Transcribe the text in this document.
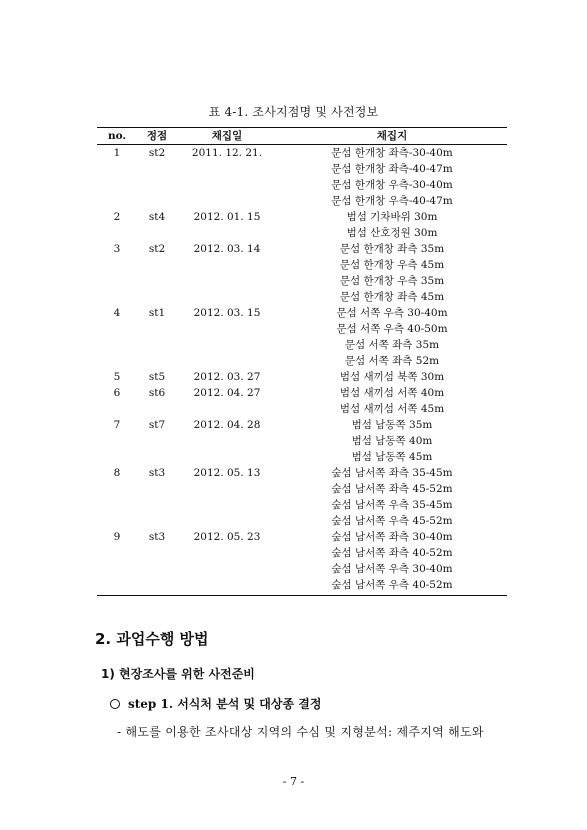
표 4-1. 조사지점명 및 사전정보
no.	정점	채집일	채집지
1	st2	2011. 12. 21.	문섬 한개창 좌측-30-40m
문섬 한개창 좌측-40-47m
문섬 한개창 우측-30-40m
문섬 한개창 우측-40-47m
2	st4	2012. 01. 15	범섬 기차바위 30m
범섬 산호정원 30m
3	st2	2012. 03. 14	문섬 한개창 좌측 35m
문섬 한개창 우측 45m
문섬 한개창 우측 35m
문섬 한개창 좌측 45m
4	st1	2012. 03. 15	문섬 서쪽 우측 30-40m
문섬 서쪽 우측 40-50m
문섬 서쪽 좌측 35m
문섬 서쪽 좌측 52m
5	st5	2012. 03. 27	범섬 새끼섬 북쪽 30m
6	st6	2012. 04. 27	범섬 새끼섬 서쪽 40m
범섬 새끼섬 서쪽 45m
7	st7	2012. 04. 28	범섬 남동쪽 35m
범섬 남동쪽 40m
범섬 남동쪽 45m
8	st3	2012. 05. 13	숲섬 남서쪽 좌측 35-45m
숲섬 남서쪽 좌측 45-52m
숲섬 남서쪽 우측 35-45m
숲섬 남서쪽 우측 45-52m
9	st3	2012. 05. 23	숲섬 남서쪽 좌측 30-40m
숲섬 남서쪽 좌측 40-52m
숲섬 남서쪽 우측 30-40m
숲섬 남서쪽 우측 40-52m
2. 과업수행 방법
1) 현장조사를 위한 사전준비
step 1. 서식처 분석 및 대상종 결정
- 해도를 이용한 조사대상 지역의 수심 및 지형분석: 제주지역 해도와
- 7 -
